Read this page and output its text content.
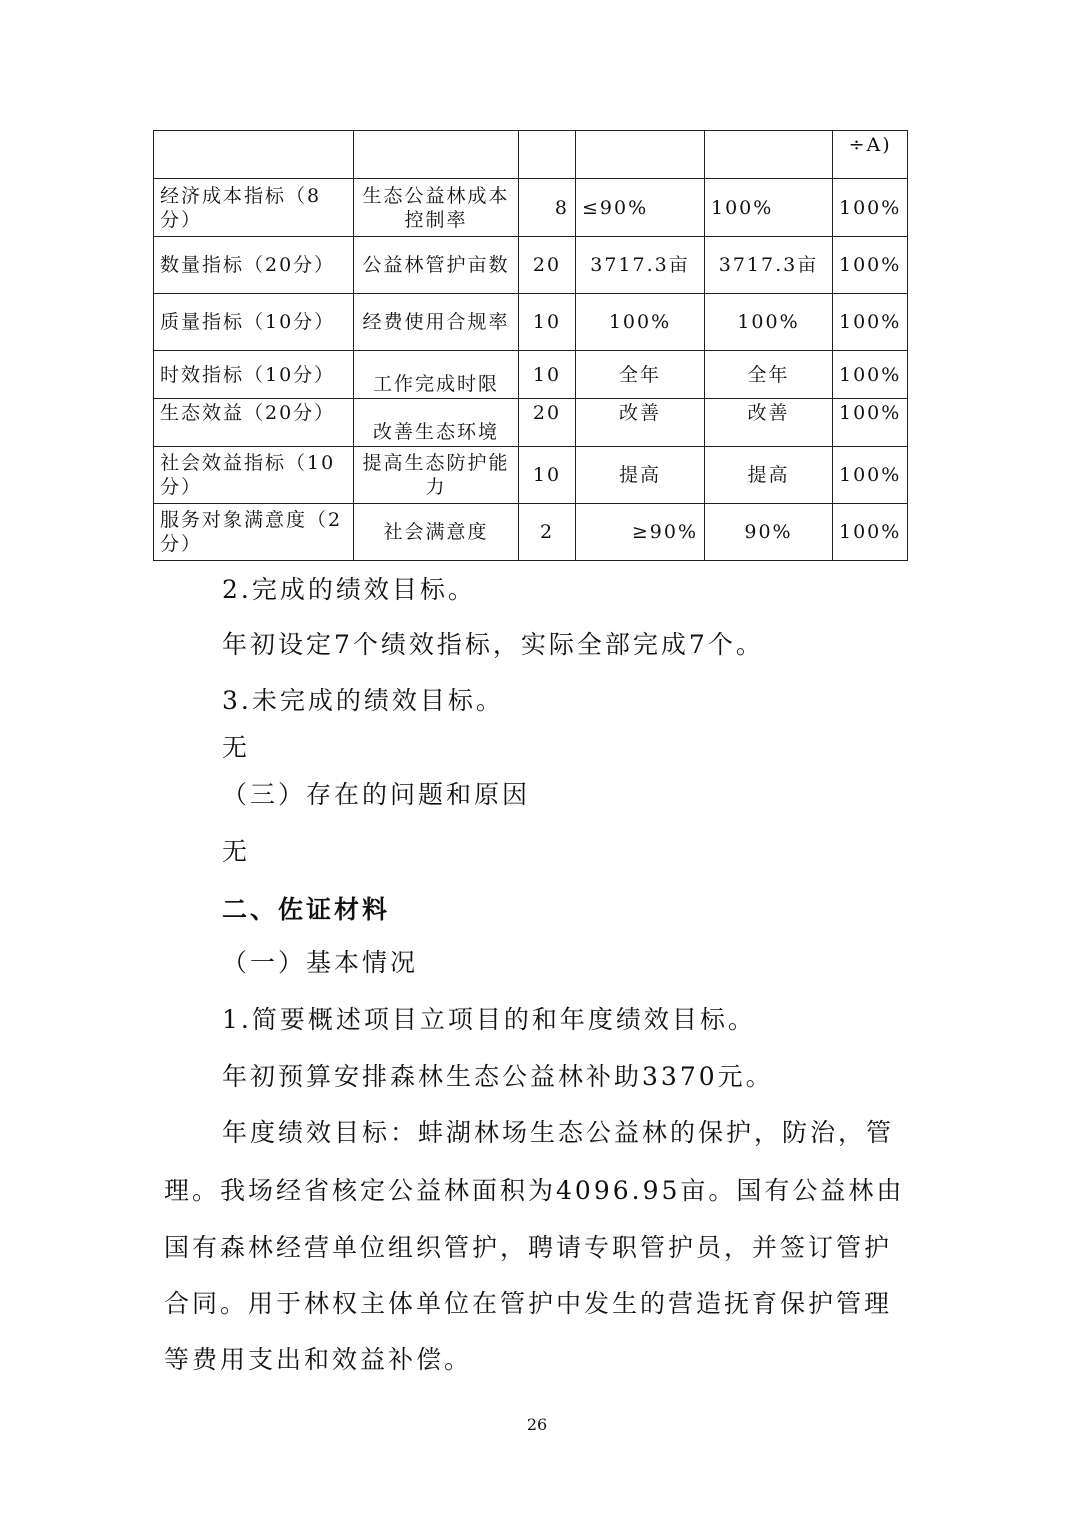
					÷A)
经济成本指标（8分）	生态公益林成本控制率	8	≤90%	100%	100%
数量指标（20分）	公益林管护亩数	20	3717.3亩	3717.3亩	100%
质量指标（10分）	经费使用合规率	10	100%	100%	100%
时效指标（10分）	工作完成时限	10	全年	全年	100%
生态效益（20分）	改善生态环境	20	改善	改善	100%
社会效益指标（10分）	提高生态防护能力	10	提高	提高	100%
服务对象满意度（2分）	社会满意度	2	≥90%	90%	100%

2.完成的绩效目标。

年初设定7个绩效指标，实际全部完成7个。

3.未完成的绩效目标。

无

（三）存在的问题和原因

无

二、佐证材料

（一）基本情况

1.简要概述项目立项目的和年度绩效目标。

年初预算安排森林生态公益林补助3370元。

年度绩效目标：蚌湖林场生态公益林的保护，防治，管

理。我场经省核定公益林面积为4096.95亩。国有公益林由

国有森林经营单位组织管护，聘请专职管护员，并签订管护

合同。用于林权主体单位在管护中发生的营造抚育保护管理

等费用支出和效益补偿。

26
